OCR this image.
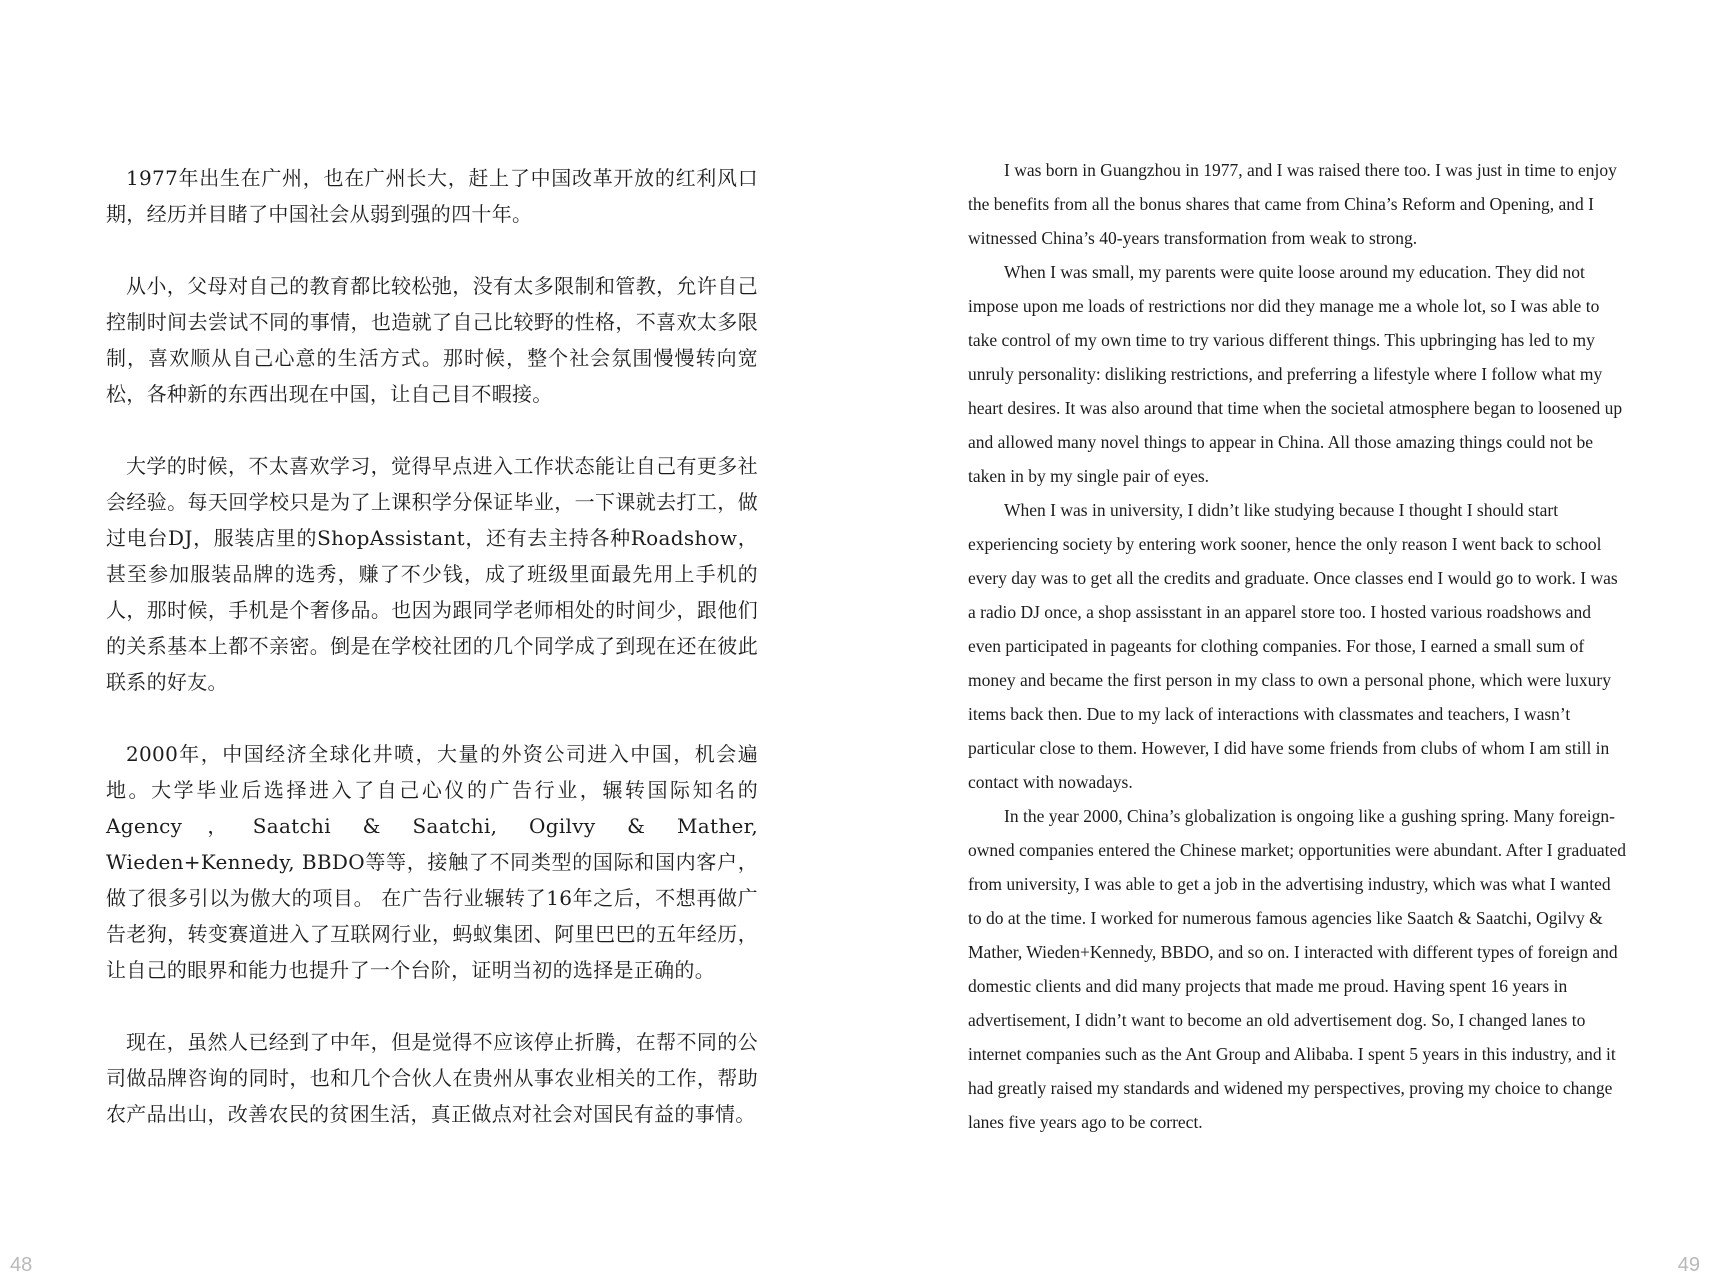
1977年出生在广州，也在广州长大，赶上了中国改革开放的红利风口期，经历并目睹了中国社会从弱到强的四十年。

从小，父母对自己的教育都比较松弛，没有太多限制和管教，允许自己控制时间去尝试不同的事情，也造就了自己比较野的性格，不喜欢太多限制，喜欢顺从自己心意的生活方式。那时候，整个社会氛围慢慢转向宽松，各种新的东西出现在中国，让自己目不暇接。

大学的时候，不太喜欢学习，觉得早点进入工作状态能让自己有更多社会经验。每天回学校只是为了上课积学分保证毕业，一下课就去打工，做过电台DJ，服装店里的ShopAssistant，还有去主持各种Roadshow，甚至参加服装品牌的选秀，赚了不少钱，成了班级里面最先用上手机的人，那时候，手机是个奢侈品。也因为跟同学老师相处的时间少，跟他们的关系基本上都不亲密。倒是在学校社团的几个同学成了到现在还在彼此联系的好友。

2000年，中国经济全球化井喷，大量的外资公司进入中国，机会遍地。大学毕业后选择进入了自己心仪的广告行业，辗转国际知名的Agency，Saatchi & Saatchi, Ogilvy & Mather, Wieden+Kennedy, BBDO等等，接触了不同类型的国际和国内客户，做了很多引以为傲大的项目。 在广告行业辗转了16年之后，不想再做广告老狗，转变赛道进入了互联网行业，蚂蚁集团、阿里巴巴的五年经历，让自己的眼界和能力也提升了一个台阶，证明当初的选择是正确的。

现在，虽然人已经到了中年，但是觉得不应该停止折腾，在帮不同的公司做品牌咨询的同时，也和几个合伙人在贵州从事农业相关的工作，帮助农产品出山，改善农民的贫困生活，真正做点对社会对国民有益的事情。

48

I was born in Guangzhou in 1977, and I was raised there too. I was just in time to enjoy the benefits from all the bonus shares that came from China’s Reform and Opening, and I witnessed China’s 40-years transformation from weak to strong.

When I was small, my parents were quite loose around my education. They did not impose upon me loads of restrictions nor did they manage me a whole lot, so I was able to take control of my own time to try various different things. This upbringing has led to my unruly personality: disliking restrictions, and preferring a lifestyle where I follow what my heart desires. It was also around that time when the societal atmosphere began to loosened up and allowed many novel things to appear in China. All those amazing things could not be taken in by my single pair of eyes.

When I was in university, I didn’t like studying because I thought I should start experiencing society by entering work sooner, hence the only reason I went back to school every day was to get all the credits and graduate. Once classes end I would go to work. I was a radio DJ once, a shop assisstant in an apparel store too. I hosted various roadshows and even participated in pageants for clothing companies. For those, I earned a small sum of money and became the first person in my class to own a personal phone, which were luxury items back then. Due to my lack of interactions with classmates and teachers, I wasn’t particular close to them. However, I did have some friends from clubs of whom I am still in contact with nowadays.

In the year 2000, China’s globalization is ongoing like a gushing spring. Many foreign-owned companies entered the Chinese market; opportunities were abundant. After I graduated from university, I was able to get a job in the advertising industry, which was what I wanted to do at the time. I worked for numerous famous agencies like Saatch & Saatchi, Ogilvy & Mather, Wieden+Kennedy, BBDO, and so on. I interacted with different types of foreign and domestic clients and did many projects that made me proud. Having spent 16 years in advertisement, I didn’t want to become an old advertisement dog. So, I changed lanes to internet companies such as the Ant Group and Alibaba. I spent 5 years in this industry, and it had greatly raised my standards and widened my perspectives, proving my choice to change lanes five years ago to be correct.

49
